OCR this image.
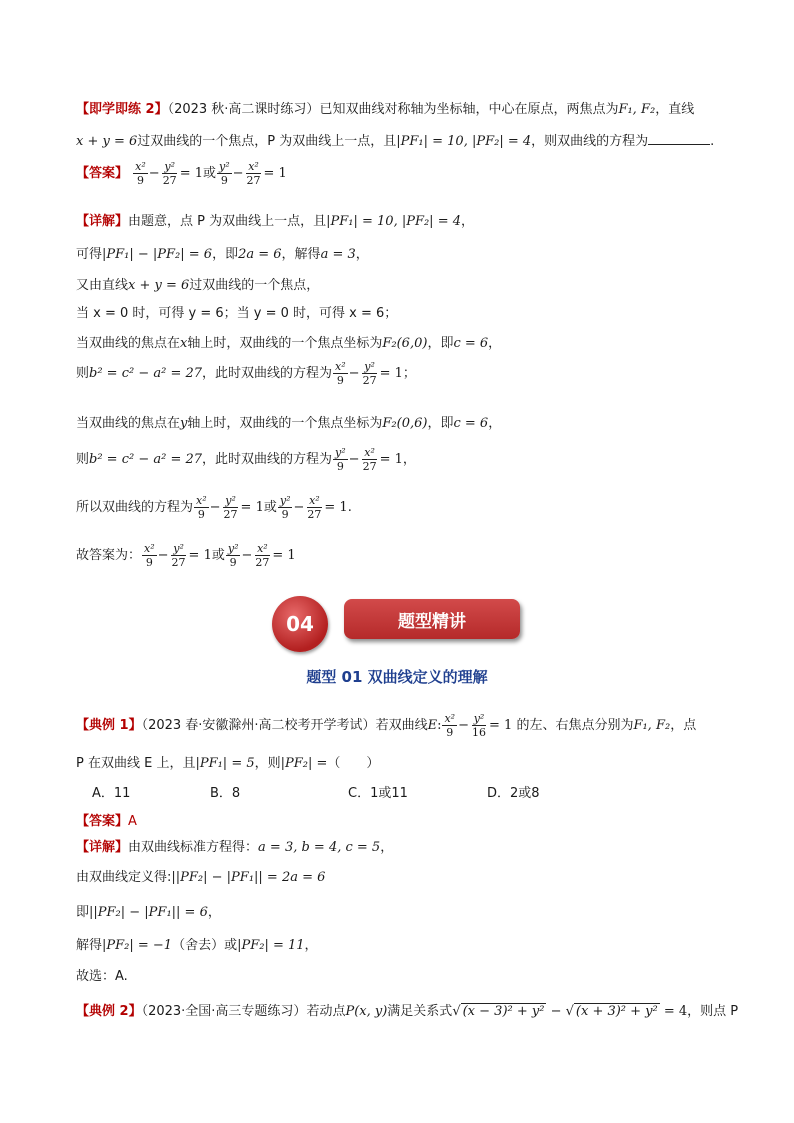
【即学即练 2】（2023 秋·高二课时练习）已知双曲线对称轴为坐标轴，中心在原点，两焦点为F₁, F₂，直线
x + y = 6过双曲线的一个焦点，P 为双曲线上一点，且|PF₁| = 10, |PF₂| = 4，则双曲线的方程为	.
【答案】 $\frac{\text{x²}}{9} - \frac{\text{y²}}{27} = 1$或 $\frac{\text{y²}}{9} - \frac{\text{x²}}{27} = 1$
【详解】由题意，点 P 为双曲线上一点，且|PF₁| = 10, |PF₂| = 4，
可得|PF₁| − |PF₂| = 6，即2a = 6，解得a = 3，
又由直线x + y = 6过双曲线的一个焦点，
当 x = 0 时，可得 y = 6；当 y = 0 时，可得 x = 6；
当双曲线的焦点在x轴上时，双曲线的一个焦点坐标为F₂(6,0)，即c = 6，
则b² = c² − a² = 27，此时双曲线的方程为 $\frac{\text{x²}}{9} - \frac{\text{y²}}{27} = 1$；
当双曲线的焦点在y轴上时，双曲线的一个焦点坐标为F₂(0,6)，即c = 6，
则b² = c² − a² = 27，此时双曲线的方程为 $\frac{\text{y²}}{9} - \frac{\text{x²}}{27} = 1$，
所以双曲线的方程为 $\frac{\text{x²}}{9} - \frac{\text{y²}}{27} = 1$或 $\frac{\text{y²}}{9} - \frac{\text{x²}}{27} = 1$.
故答案为： $\frac{\text{x²}}{9} - \frac{\text{y²}}{27} = 1$或 $\frac{\text{y²}}{9} - \frac{\text{x²}}{27} = 1$
04	题型精讲
题型 01 双曲线定义的理解
【典例 1】（2023 春·安徽滁州·高二校考开学考试）若双曲线E: $\frac{\text{x²}}{9} - \frac{\text{y²}}{16} = 1$ 的左、右焦点分别为F₁, F₂，点
P 在双曲线 E 上，且|PF₁| = 5，则|PF₂| =（　　）
A．11	B．8	C．1或11	D．2或8
【答案】A
【详解】由双曲线标准方程得：a = 3, b = 4, c = 5，
由双曲线定义得:||PF₂| − |PF₁|| = 2a = 6
即||PF₂| − |PF₁|| = 6，
解得|PF₂| = −1（舍去）或|PF₂| = 11，
故选：A.
【典例 2】（2023·全国·高三专题练习）若动点P(x, y)满足关系式√ (x − 3)² + y² − √ (x + 3)² + y² = 4，则点 P
